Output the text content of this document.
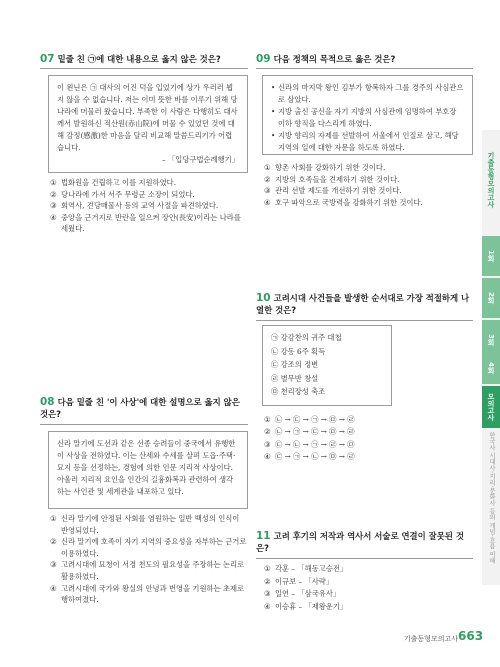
07 밑줄 친 ㉠에 대한 내용으로 옳지 않은 것은?

이 왼닌은 ㉠ 대사의 어진 덕을 입었기에 상가 우러러 뵙지 않을 수 없습니다. 저는 이미 뜻한 바를 이루기 위해 당나라에 머물러 왔습니다. 부족한 이 사람은 다행히도 대사께서 발원하신 적산원(赤山院)에 머물 수 있었던 것에 대해 감정(感激)한 마음을 달리 비교해 말씀드리기가 어렵습니다.

– 「입당구법순례행기」

① 법화원을 건립하고 이를 지원하였다.
② 당나라에 가서 서주 무령군 소장이 되었다.
③ 회역사, 견당매물사 등의 교역 사절을 파견하였다.
④ 중앙을 근거지로 반란을 일으켜 장안(長安)이라는 나라를 세웠다.
08 다음 밑줄 친 '이 사상'에 대한 설명으로 옳지 않은 것은?

신라 말기에 도선과 같은 선종 승려들이 중국에서 유행한 이 사상을 전하였다. 이는 산세와 수세를 살펴 도읍·주택·묘지 등을 선정하는, 경험에 의한 인문 지리적 사상이다. 아울러 지리적 요인을 인간의 길흉화복과 관련하여 생각하는 사인관 및 세계관을 내포하고 있다.

① 신라 말기에 안정된 사회를 염원하는 일반 백성의 인식이 반영되었다.
② 신라 말기에 호족이 자기 지역의 중요성을 자부하는 근거로 이용하였다.
③ 고려시대에 묘청이 서경 천도의 필요성을 주장하는 논리로 활용하였다.
④ 고려시대에 국가와 왕실의 안녕과 번영을 기원하는 초제로 행하여졌다.
09 다음 정책의 목적으로 옳은 것은?
• 신라의 마지막 왕인 김부가 항복하자 그를 경주의 사심관으로 삼았다.
• 지방 출신 공신을 자기 지방의 사심관에 임명하여 부호장 이하 향직을 다스리게 하였다.
• 지방 향리의 자제를 선발하여 서울에서 인질로 삼고, 해당 지역의 일에 대한 자문을 하도록 하였다.
① 향촌 사회를 강화하기 위한 것이다.
② 지방의 호족들을 견제하기 위한 것이다.
③ 관리 선발 제도를 개선하기 위한 것이다.
④ 호구 파악으로 국방력을 강화하기 위한 것이다.
10 고려시대 사건들을 발생한 순서대로 가장 적절하게 나열한 것은?
㉠ 강감찬의 귀주 대첩
㉡ 강동 6주 획득
㉢ 강조의 정변
㉣ 별무반 창설
㉤ 천리장성 축조
① ㉡ → ㉢ → ㉠ → ㉤ → ㉣
② ㉡ → ㉠ → ㉢ → ㉤ → ㉣
③ ㉢ → ㉡ → ㉠ → ㉣ → ㉤
④ ㉢ → ㉠ → ㉡ → ㉤ → ㉣
11 고려 후기의 저작과 역사서 서술로 연결이 잘못된 것은?
① 각훈 – 「해동고승전」
② 이규보 – 「사략」
③ 일연 – 「삼국유사」
④ 이승휴 – 「제왕운기」
기출동형모의고사
1회
2회
3회
4회
모의고사
한국사 시대사·지리·문화사 등의 개념·흐름 이해
기출동형모의고사 663
